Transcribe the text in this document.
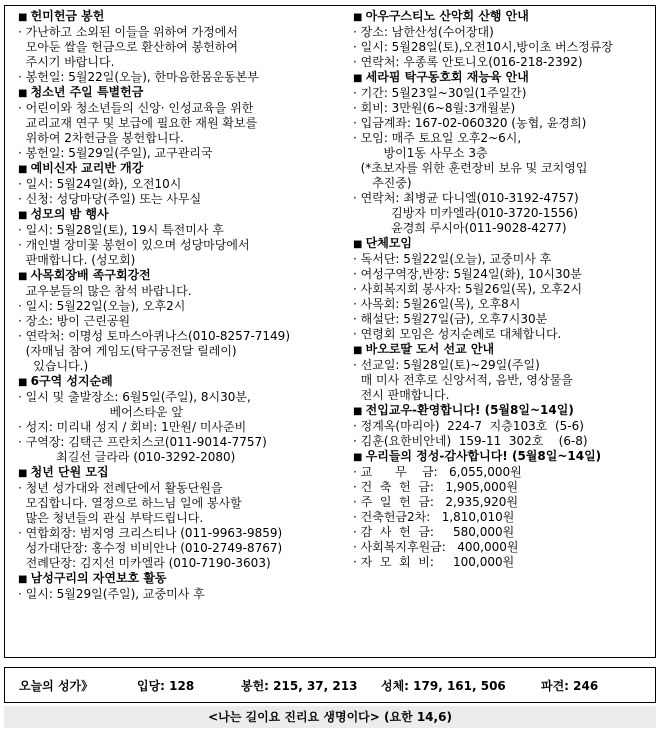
■ 헌미헌금 봉헌
· 가난하고 소외된 이들을 위하여 가정에서
모아둔 쌀을 헌금으로 환산하여 봉헌하여
주시기 바랍니다.
· 봉헌일: 5월22일(오늘), 한마음한몸운동본부
■ 청소년 주일 특별헌금
· 어린이와 청소년들의 신앙· 인성교육을 위한
교리교재 연구 및 보급에 필요한 재원 확보를
위하여 2차헌금을 봉헌합니다.
· 봉헌일: 5월29일(주일), 교구관리국
■ 예비신자 교리반 개강
· 일시: 5월24일(화), 오전10시
· 신청: 성당마당(주일) 또는 사무실
■ 성모의 밤 행사
· 일시: 5월28일(토), 19시 특전미사 후
· 개인별 장미꽃 봉헌이 있으며 성당마당에서
판매합니다. (성모회)
■ 사목회장배 족구회강전
교우분들의 많은 참석 바랍니다.
· 일시: 5월22일(오늘), 오후2시
· 장소: 방이 근린공원
· 연락처: 이명성 토마스아퀴나스(010-8257-7149)
(자매님 참여 게임도(탁구공전달 릴레이)
있습니다.)
■ 6구역 성지순례
· 일시 및 출발장소: 6월5일(주일), 8시30분,
베어스타운 앞
· 성지: 미리내 성지 / 회비: 1만원/ 미사준비
· 구역장: 김택근 프란치스코(011-9014-7757)
최길선 글라라 (010-3292-2080)
■ 청년 단원 모집
· 청년 성가대와 전례단에서 활동단원을
모집합니다. 열정으로 하느님 일에 봉사할
많은 청년들의 관심 부탁드립니다.
· 연합회장: 범지영 크리스티나 (011-9963-9859)
성가대단장: 홍수정 비비안나 (010-2749-8767)
전례단장: 김지선 미카엘라 (010-7190-3603)
■ 남성구리의 자연보호 활동
· 일시: 5월29일(주일), 교중미사 후
■ 아우구스티노 산악회 산행 안내
· 장소: 남한산성(수어장대)
· 일시: 5월28일(토),오전10시,방이초 버스정류장
· 연락처: 우종록 안토니오(016-218-2392)
■ 세라핌 탁구동호회 재능육 안내
· 기간: 5월23일~30일(1주일간)
· 회비: 3만원(6~8월:3개월분)
· 입금계좌: 167-02-060320 (농협, 윤경희)
· 모임: 매주 토요일 오후2~6시,
방이1동 사무소 3층
(*초보자를 위한 훈련장비 보유 및 코치영입
추진중)
· 연락처: 최병균 다니엘(010-3192-4757)
김방자 미카엘라(010-3720-1556)
윤경희 루시아(011-9028-4277)
■ 단체모임
· 독서단: 5월22일(오늘), 교중미사 후
· 여성구역장,반장: 5월24일(화), 10시30분
· 사회복지회 봉사자: 5월26일(목), 오후2시
· 사목회: 5월26일(목), 오후8시
· 해설단: 5월27일(금), 오후7시30분
· 연령회 모임은 성지순례로 대체합니다.
■ 바오로딸 도서 선교 안내
· 선교일: 5월28일(토)~29일(주일)
매 미사 전후로 신앙서적, 음반, 영상물을
전시 판매합니다.
■ 전입교우-환영합니다! (5월8일~14일)
· 정계옥(마리아)  224-7  지층103호  (5-6)
· 김훈(요한비안네)  159-11  302호    (6-8)
■ 우리들의 정성-감사합니다! (5월8일~14일)
· 교      무    금:   6,055,000원
· 건  축  헌  금:   1,905,000원
· 주  일  헌  금:   2,935,920원
· 건축헌금2차:   1,810,010원
· 감  사  헌  금:     580,000원
· 사회복지후원금:   400,000원
· 자  모  회  비:     100,000원
오늘의 성가》	입당: 128	봉헌: 215, 37, 213 성체: 179, 161, 506	파견: 246
<나는 길이요 진리요 생명이다> (요한 14,6)
